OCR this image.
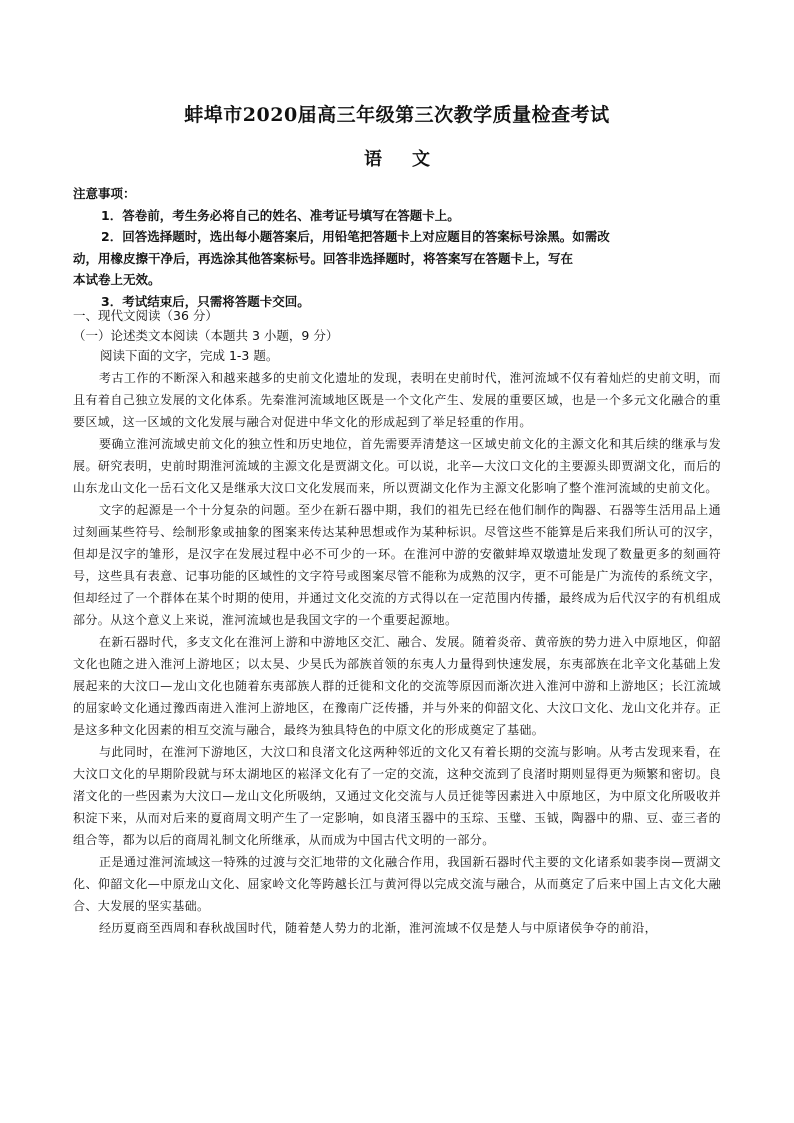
蚌埠市2020届高三年级第三次教学质量检查考试
语文
注意事项：
1．答卷前，考生务必将自己的姓名、准考证号填写在答题卡上。
2．回答选择题时，选出每小题答案后，用铅笔把答题卡上对应题目的答案标号涂黑。如需改
动，用橡皮擦干净后，再选涂其他答案标号。回答非选择题时，将答案写在答题卡上，写在
本试卷上无效。
3．考试结束后，只需将答题卡交回。
一、现代文阅读（36 分）
（一）论述类文本阅读（本题共 3 小题，9 分）
阅读下面的文字，完成 1-3 题。

考古工作的不断深入和越来越多的史前文化遗址的发现，表明在史前时代，淮河流域不仅有着灿烂的史前文明，而且有着自己独立发展的文化体系。先秦淮河流域地区既是一个文化产生、发展的重要区域，也是一个多元文化融合的重要区域，这一区域的文化发展与融合对促进中华文化的形成起到了举足轻重的作用。

要确立淮河流域史前文化的独立性和历史地位，首先需要弄清楚这一区域史前文化的主源文化和其后续的继承与发展。研究表明，史前时期淮河流域的主源文化是贾湖文化。可以说，北辛—大汶口文化的主要源头即贾湖文化，而后的山东龙山文化一岳石文化又是继承大汶口文化发展而来，所以贾湖文化作为主源文化影响了整个淮河流域的史前文化。

文字的起源是一个十分复杂的问题。至少在新石器中期，我们的祖先已经在他们制作的陶器、石器等生活用品上通过刻画某些符号、绘制形象或抽象的图案来传达某种思想或作为某种标识。尽管这些不能算是后来我们所认可的汉字，但却是汉字的雏形，是汉字在发展过程中必不可少的一环。在淮河中游的安徽蚌埠双墩遗址发现了数量更多的刻画符号，这些具有表意、记事功能的区域性的文字符号或图案尽管不能称为成熟的汉字，更不可能是广为流传的系统文字，但却经过了一个群体在某个时期的使用，并通过文化交流的方式得以在一定范围内传播，最终成为后代汉字的有机组成部分。从这个意义上来说，淮河流域也是我国文字的一个重要起源地。

在新石器时代，多支文化在淮河上游和中游地区交汇、融合、发展。随着炎帝、黄帝族的势力进入中原地区，仰韶文化也随之进入淮河上游地区；以太昊、少昊氏为部族首领的东夷人力量得到快速发展，东夷部族在北辛文化基础上发展起来的大汶口—龙山文化也随着东夷部族人群的迁徙和文化的交流等原因而渐次进入淮河中游和上游地区；长江流域的屈家岭文化通过豫西南进入淮河上游地区，在豫南广泛传播，并与外来的仰韶文化、大汶口文化、龙山文化并存。正是这多种文化因素的相互交流与融合，最终为独具特色的中原文化的形成奠定了基础。

与此同时，在淮河下游地区，大汶口和良渚文化这两种邻近的文化又有着长期的交流与影响。从考古发现来看，在大汶口文化的早期阶段就与环太湖地区的崧泽文化有了一定的交流，这种交流到了良渚时期则显得更为频繁和密切。良渚文化的一些因素为大汶口—龙山文化所吸纳，又通过文化交流与人员迁徙等因素进入中原地区，为中原文化所吸收并积淀下来，从而对后来的夏商周文明产生了一定影响，如良渚玉器中的玉琮、玉璧、玉钺，陶器中的鼎、豆、壶三者的组合等，都为以后的商周礼制文化所继承，从而成为中国古代文明的一部分。

正是通过淮河流域这一特殊的过渡与交汇地带的文化融合作用，我国新石器时代主要的文化诸系如裴李岗—贾湖文化、仰韶文化—中原龙山文化、屈家岭文化等跨越长江与黄河得以完成交流与融合，从而奠定了后来中国上古文化大融合、大发展的坚实基础。

经历夏商至西周和春秋战国时代，随着楚人势力的北渐，淮河流域不仅是楚人与中原诸侯争夺的前沿，
